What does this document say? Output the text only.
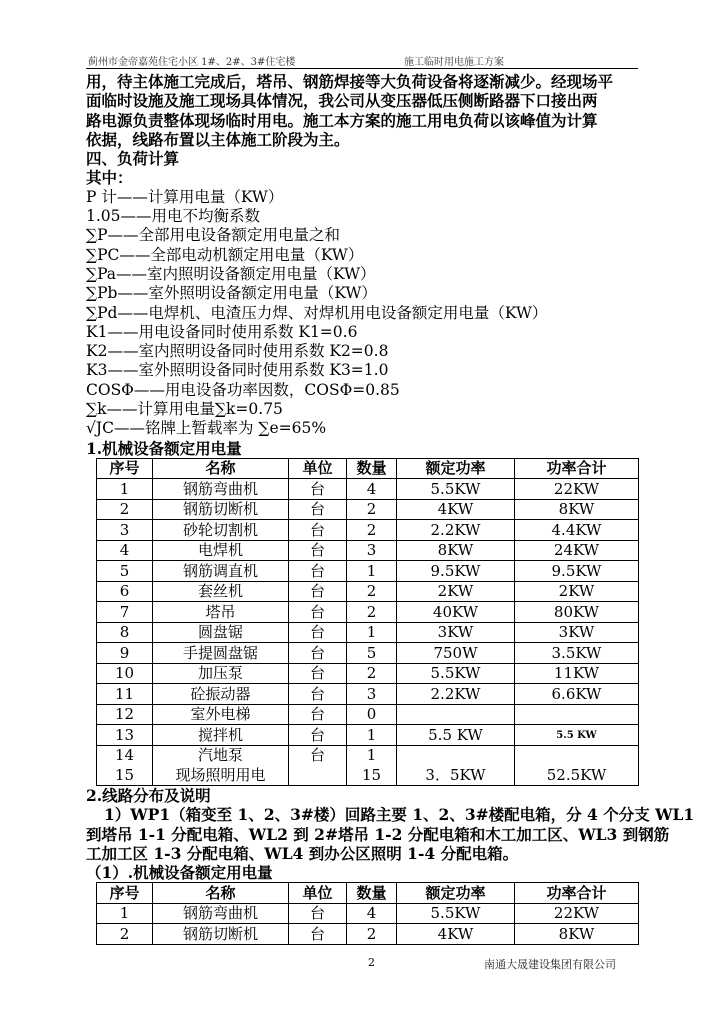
蓟州市金帝嘉苑住宅小区 1#、2#、3#住宅楼	施工临时用电施工方案
用，待主体施工完成后，塔吊、钢筋焊接等大负荷设备将逐渐减少。经现场平
面临时设施及施工现场具体情况，我公司从变压器低压侧断路器下口接出两
路电源负责整体现场临时用电。施工本方案的施工用电负荷以该峰值为计算
依据，线路布置以主体施工阶段为主。
四、负荷计算
其中：
P 计——计算用电量（KW）
1.05——用电不均衡系数
∑P——全部用电设备额定用电量之和
∑PC——全部电动机额定用电量（KW）
∑Pa——室内照明设备额定用电量（KW）
∑Pb——室外照明设备额定用电量（KW）
∑Pd——电焊机、电渣压力焊、对焊机用电设备额定用电量（KW）
K1——用电设备同时使用系数 K1=0.6
K2——室内照明设备同时使用系数 K2=0.8
K3——室外照明设备同时使用系数 K3=1.0
COSΦ——用电设备功率因数，COSΦ=0.85
∑k——计算用电量∑k=0.75
√JC——铭牌上暂载率为 ∑e=65%
1.机械设备额定用电量
序号	名称	单位	数量	额定功率	功率合计
1	钢筋弯曲机	台	4	5.5KW	22KW
2	钢筋切断机	台	2	4KW	8KW
3	砂轮切割机	台	2	2.2KW	4.4KW
4	电焊机	台	3	8KW	24KW
5	钢筋调直机	台	1	9.5KW	9.5KW
6	套丝机	台	2	2KW	2KW
7	塔吊	台	2	40KW	80KW
8	圆盘锯	台	1	3KW	3KW
9	手提圆盘锯	台	5	750W	3.5KW
10	加压泵	台	2	5.5KW	11KW
11	砼振动器	台	3	2.2KW	6.6KW
12	室外电梯	台	0		
13	搅拌机	台	1	5.5 KW	5.5 KW
14	汽地泵	台	1		
15	现场照明用电		15	3．5KW	52.5KW
2.线路分布及说明
1）WP1（箱变至 1、2、3#楼）回路主要 1、2、3#楼配电箱，分 4 个分支 WL1
到塔吊 1-1 分配电箱、WL2 到 2#塔吊 1-2 分配电箱和木工加工区、WL3 到钢筋
工加工区 1-3 分配电箱、WL4 到办公区照明 1-4 分配电箱。
（1）.机械设备额定用电量
序号	名称	单位	数量	额定功率	功率合计
1	钢筋弯曲机	台	4	5.5KW	22KW
2	钢筋切断机	台	2	4KW	8KW
2	南通大晟建设集团有限公司
